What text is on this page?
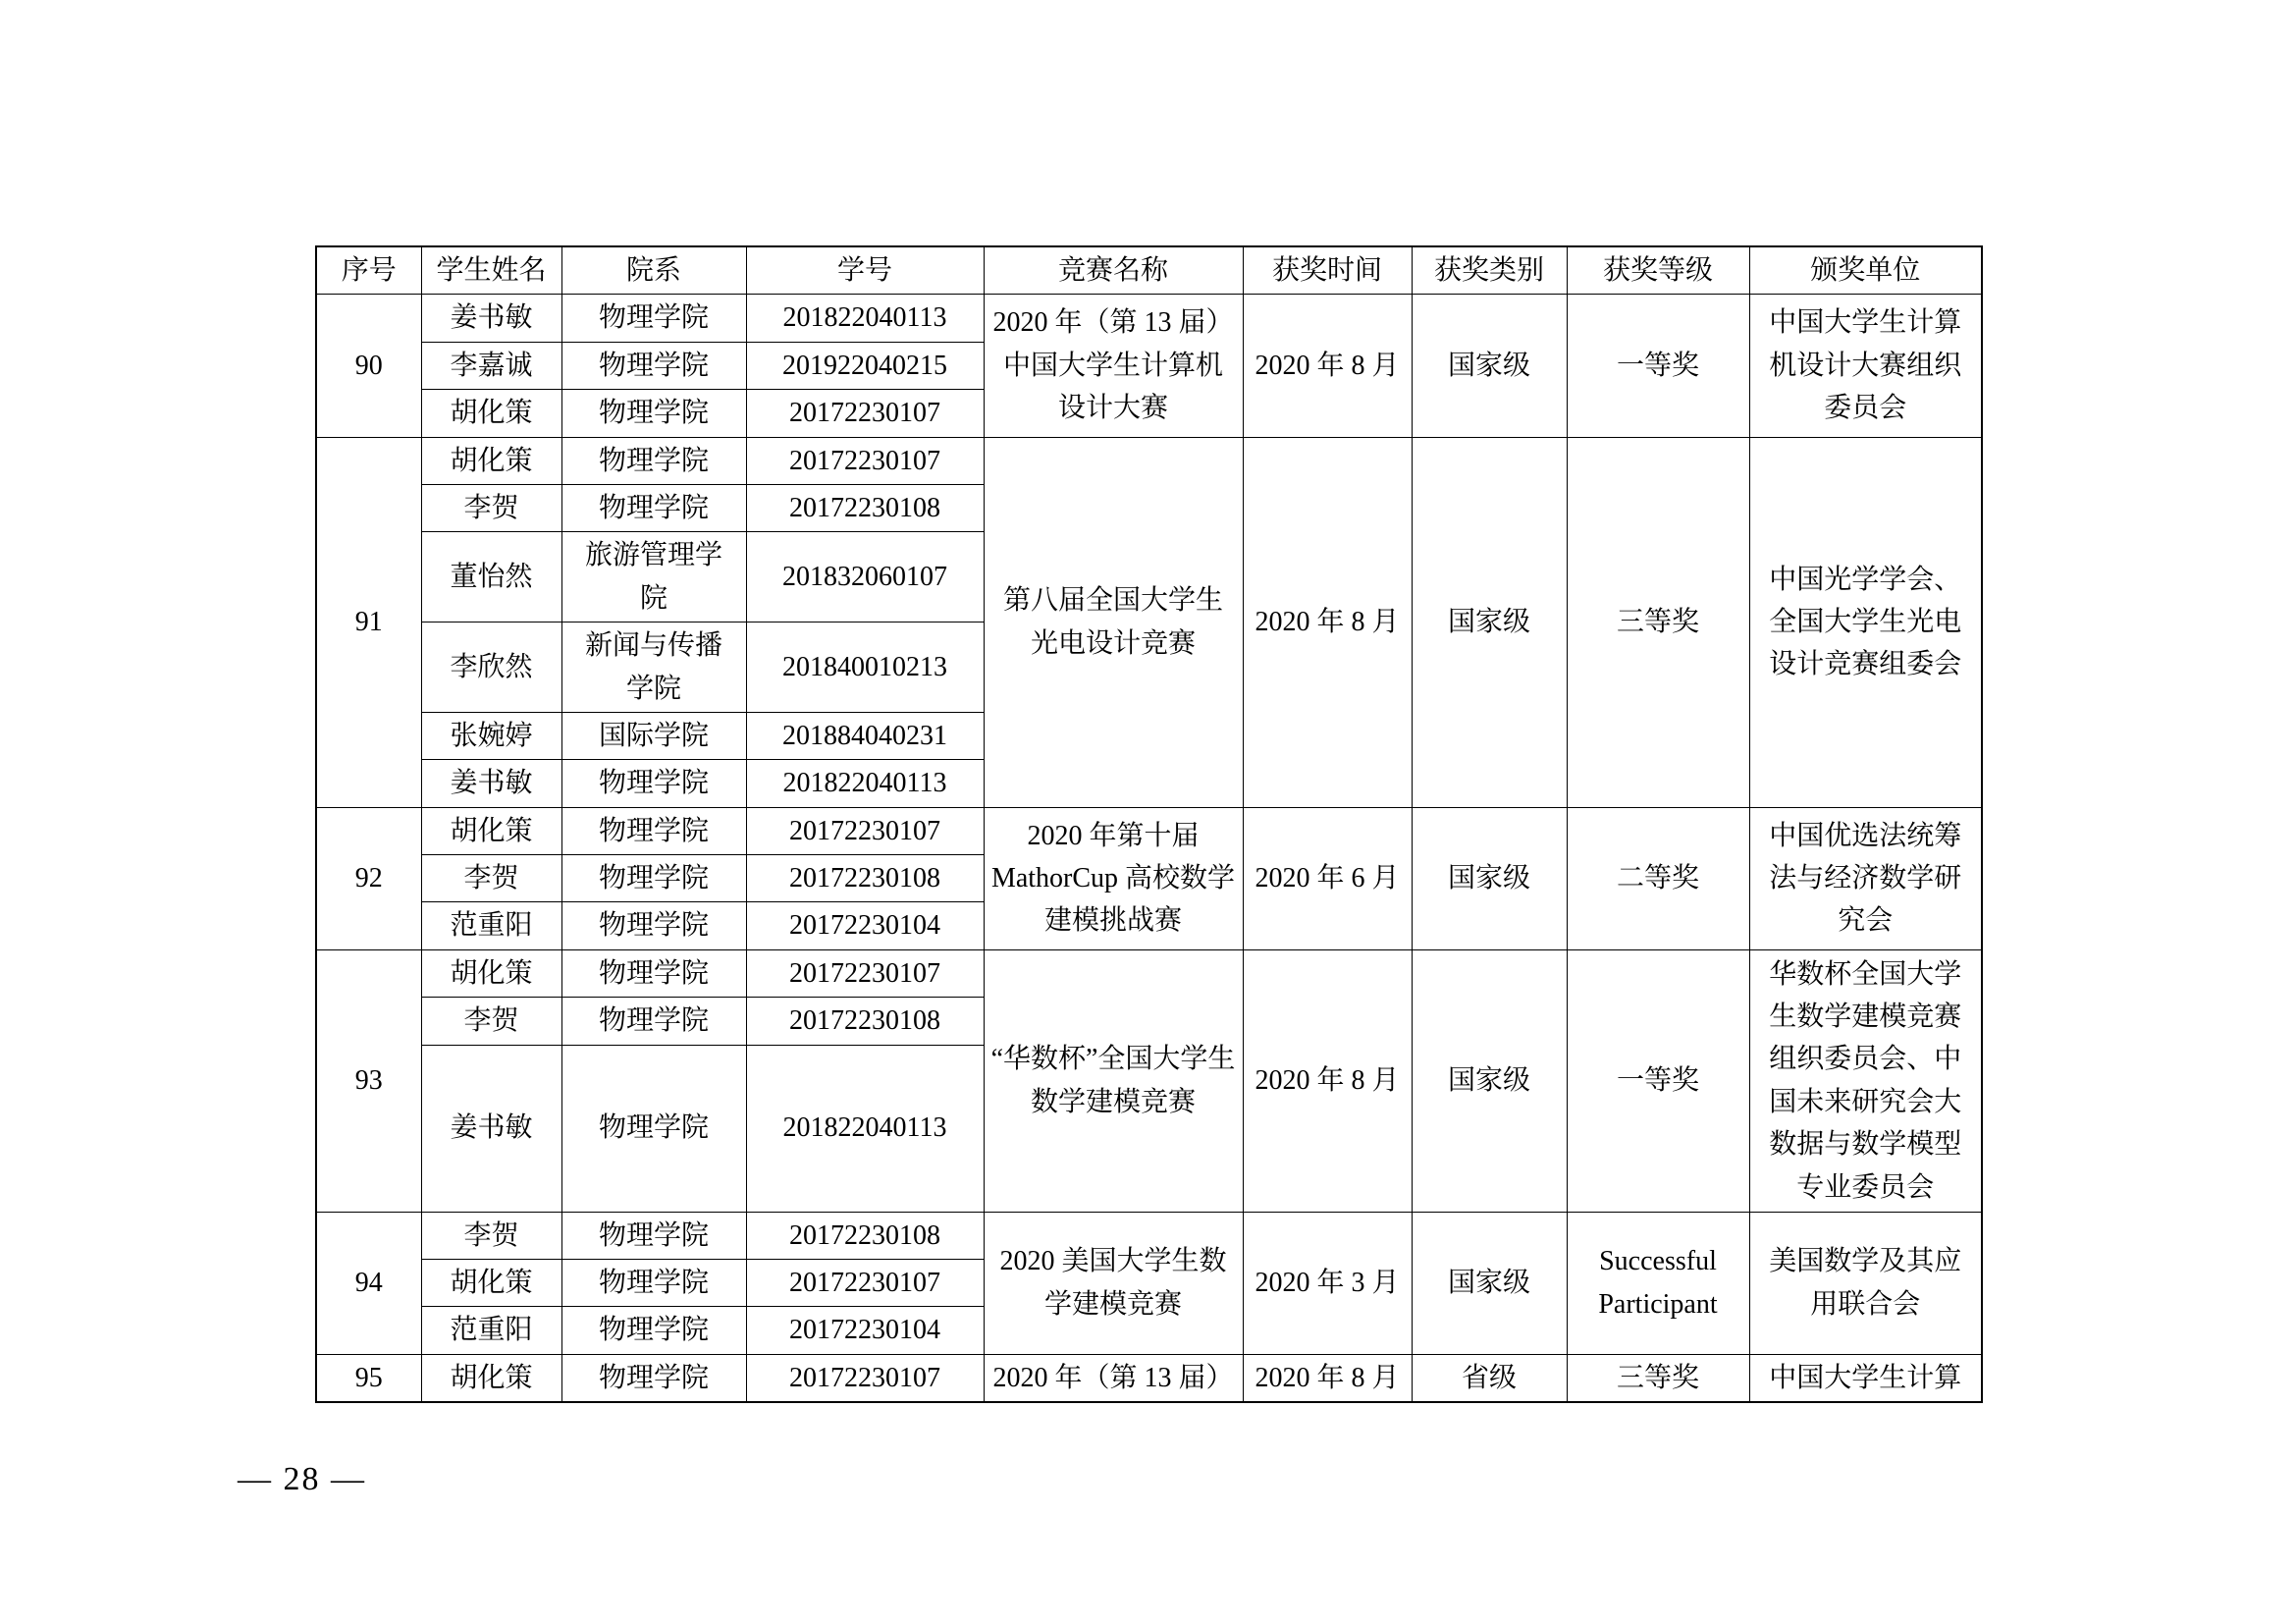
序号	学生姓名	院系	学号	竞赛名称	获奖时间	获奖类别	获奖等级	颁奖单位
90	姜书敏	物理学院	201822040113	2020 年（第 13 届）中国大学生计算机设计大赛	2020 年 8 月	国家级	一等奖	中国大学生计算机设计大赛组织委员会
	李嘉诚	物理学院	201922040215					
	胡化策	物理学院	20172230107					
91	胡化策	物理学院	20172230107	第八届全国大学生光电设计竞赛	2020 年 8 月	国家级	三等奖	中国光学学会、全国大学生光电设计竞赛组委会
	李贺	物理学院	20172230108					
	董怡然	旅游管理学院	201832060107					
	李欣然	新闻与传播学院	201840010213					
	张婉婷	国际学院	201884040231					
	姜书敏	物理学院	201822040113					
92	胡化策	物理学院	20172230107	2020 年第十届 MathorCup 高校数学建模挑战赛	2020 年 6 月	国家级	二等奖	中国优选法统筹法与经济数学研究会
	李贺	物理学院	20172230108					
	范重阳	物理学院	20172230104					
93	胡化策	物理学院	20172230107	“华数杯”全国大学生数学建模竞赛	2020 年 8 月	国家级	一等奖	华数杯全国大学生数学建模竞赛组织委员会、中国未来研究会大数据与数学模型专业委员会
	李贺	物理学院	20172230108					
	姜书敏	物理学院	201822040113					
94	李贺	物理学院	20172230108	2020 美国大学生数学建模竞赛	2020 年 3 月	国家级	Successful Participant	美国数学及其应用联合会
	胡化策	物理学院	20172230107					
	范重阳	物理学院	20172230104					
95	胡化策	物理学院	20172230107	2020 年（第 13 届）	2020 年 8 月	省级	三等奖	中国大学生计算
— 28 —
